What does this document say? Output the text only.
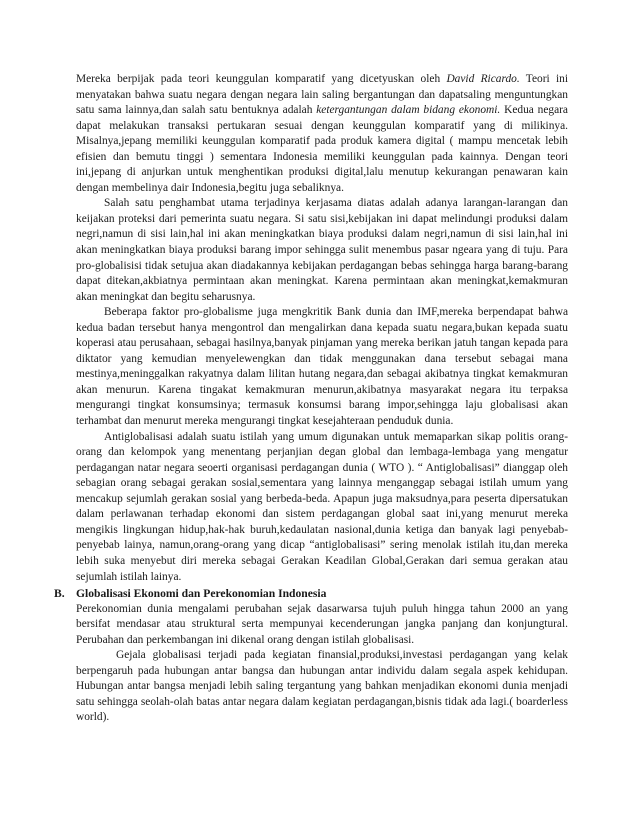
Mereka berpijak pada teori keunggulan komparatif yang dicetyuskan oleh David Ricardo. Teori ini menyatakan bahwa suatu negara dengan negara lain saling bergantungan dan dapatsaling menguntungkan satu sama lainnya,dan salah satu bentuknya adalah ketergantungan dalam bidang ekonomi. Kedua negara dapat melakukan transaksi pertukaran sesuai dengan keunggulan komparatif yang di milikinya. Misalnya,jepang memiliki keunggulan komparatif pada produk kamera digital ( mampu mencetak lebih efisien dan bemutu tinggi ) sementara Indonesia memiliki keunggulan pada kainnya. Dengan teori ini,jepang di anjurkan untuk menghentikan produksi digital,lalu menutup kekurangan penawaran kain dengan membelinya dair Indonesia,begitu juga sebaliknya.

Salah satu penghambat utama terjadinya kerjasama diatas adalah adanya larangan-larangan dan keijakan proteksi dari pemerinta suatu negara. Si satu sisi,kebijakan ini dapat melindungi produksi dalam negri,namun di sisi lain,hal ini akan meningkatkan biaya produksi dalam negri,namun di sisi lain,hal ini akan meningkatkan biaya produksi barang impor sehingga sulit menembus pasar ngeara yang di tuju. Para pro-globalisisi tidak setujua akan diadakannya kebijakan perdagangan bebas sehingga harga barang-barang dapat ditekan,akbiatnya permintaan akan meningkat. Karena permintaan akan meningkat,kemakmuran akan meningkat dan begitu seharusnya.

Beberapa faktor pro-globalisme juga mengkritik Bank dunia dan IMF,mereka berpendapat bahwa kedua badan tersebut hanya mengontrol dan mengalirkan dana kepada suatu negara,bukan kepada suatu koperasi atau perusahaan, sebagai hasilnya,banyak pinjaman yang mereka berikan jatuh tangan kepada para diktator yang kemudian menyelewengkan dan tidak menggunakan dana tersebut sebagai mana mestinya,meninggalkan rakyatnya dalam lilitan hutang negara,dan sebagai akibatnya tingkat kemakmuran akan menurun. Karena tingakat kemakmuran menurun,akibatnya masyarakat negara itu terpaksa mengurangi tingkat konsumsinya; termasuk konsumsi barang impor,sehingga laju globalisasi akan terhambat dan menurut mereka mengurangi tingkat kesejahteraan penduduk dunia.

Antiglobalisasi adalah suatu istilah yang umum digunakan untuk memaparkan sikap politis orang-orang dan kelompok yang menentang perjanjian degan global dan lembaga-lembaga yang mengatur perdagangan natar negara seoerti organisasi perdagangan dunia ( WTO ). “ Antiglobalisasi” dianggap oleh sebagian orang sebagai gerakan sosial,sementara yang lainnya menganggap sebagai istilah umum yang mencakup sejumlah gerakan sosial yang berbeda-beda. Apapun juga maksudnya,para peserta dipersatukan dalam perlawanan terhadap ekonomi dan sistem perdagangan global saat ini,yang menurut mereka mengikis lingkungan hidup,hak-hak buruh,kedaulatan nasional,dunia ketiga dan banyak lagi penyebab-penyebab lainya, namun,orang-orang yang dicap “antiglobalisasi” sering menolak istilah itu,dan mereka lebih suka menyebut diri mereka sebagai Gerakan Keadilan Global,Gerakan dari semua gerakan atau sejumlah istilah lainya.

B. Globalisasi Ekonomi dan Perekonomian Indonesia

Perekonomian dunia mengalami perubahan sejak dasarwarsa tujuh puluh hingga tahun 2000 an yang bersifat mendasar atau struktural serta mempunyai kecenderungan jangka panjang dan konjungtural. Perubahan dan perkembangan ini dikenal orang dengan istilah globalisasi.

Gejala globalisasi terjadi pada kegiatan finansial,produksi,investasi perdagangan yang kelak berpengaruh pada hubungan antar bangsa dan hubungan antar individu dalam segala aspek kehidupan. Hubungan antar bangsa menjadi lebih saling tergantung yang bahkan menjadikan ekonomi dunia menjadi satu sehingga seolah-olah batas antar negara dalam kegiatan perdagangan,bisnis tidak ada lagi.( boarderless world).
